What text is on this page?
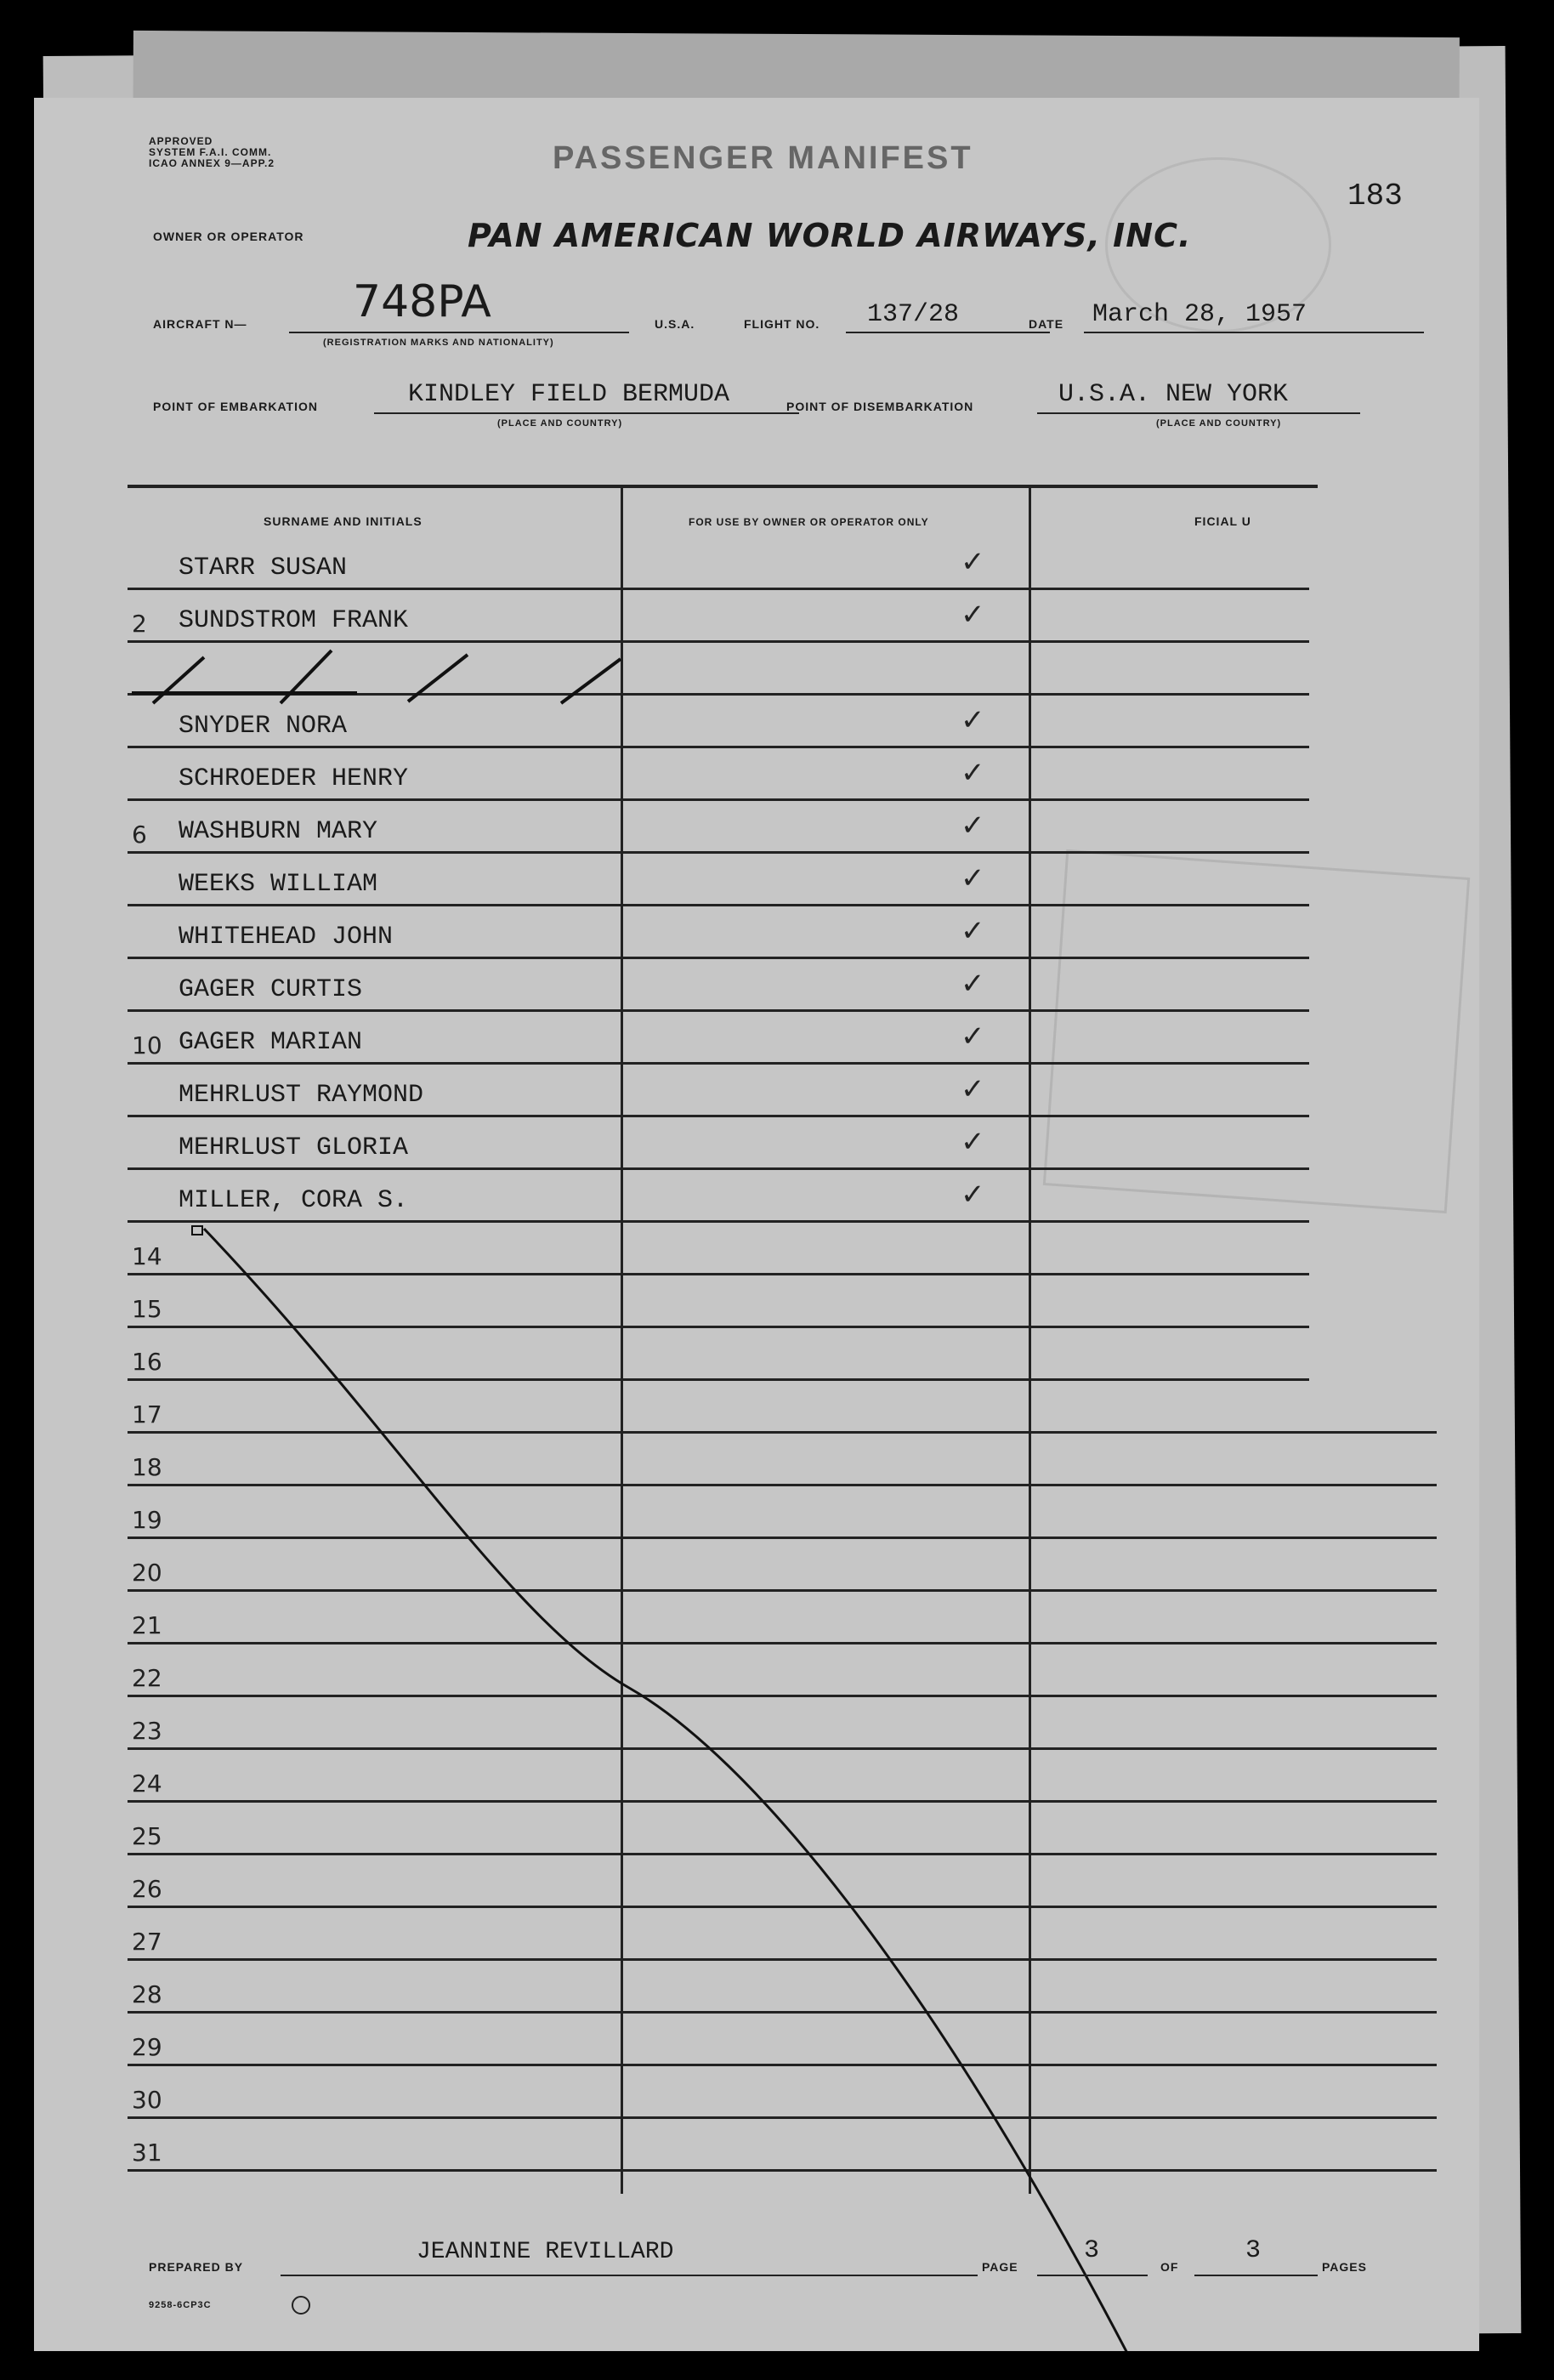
APPROVED
SYSTEM F.A.I. COMM.
ICAO ANNEX 9—APP.2	PASSENGER MANIFEST
183
OWNER OR OPERATOR	PAN AMERICAN WORLD AIRWAYS, INC.
AIRCRAFT N— 748PA
(REGISTRATION MARKS AND NATIONALITY)
U.S.A.	FLIGHT NO. 137/28	DATE March 28, 1957
POINT OF EMBARKATION	KINDLEY FIELD BERMUDA
(PLACE AND COUNTRY)
POINT OF DISEMBARKATION	U.S.A. NEW YORK
(PLACE AND COUNTRY)
SURNAME AND INITIALS	FOR USE BY OWNER OR OPERATOR ONLY	FICIAL U
STARR SUSAN	✓
2 SUNDSTROM FRANK	✓
SNYDER NORA	✓
SCHROEDER HENRY	✓
6 WASHBURN MARY	✓
WEEKS WILLIAM	✓
WHITEHEAD JOHN	✓
GAGER CURTIS	✓
10 GAGER MARIAN	✓
MEHRLUST RAYMOND	✓
MEHRLUST GLORIA	✓
MILLER, CORA S.	✓
14
15
16
17
18
19
20
21
22
23
24
25
26
27
28
29
30
31
PREPARED BY
JEANNINE REVILLARD
PAGE
3
OF
3
PAGES
9258-6CP3C
